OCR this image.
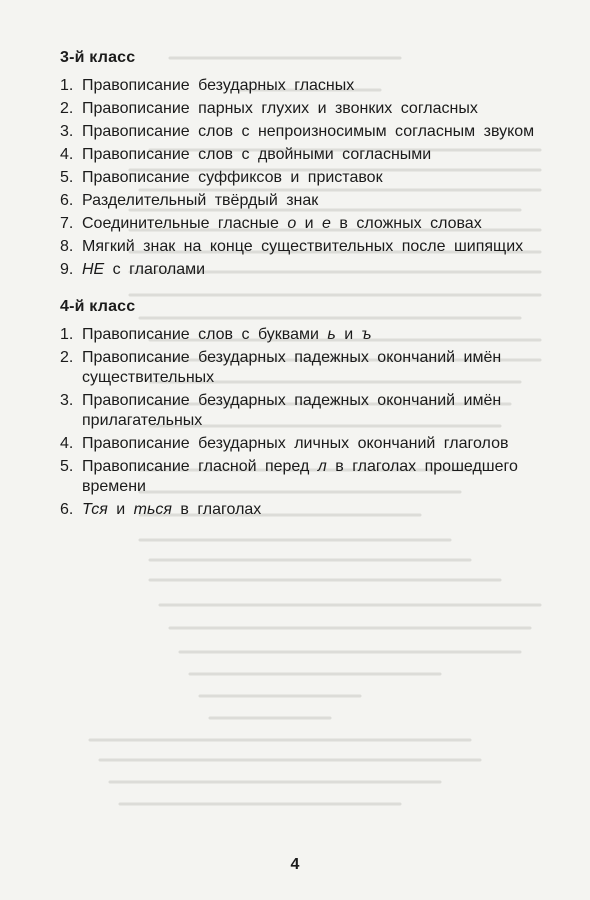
3-й класс
1. Правописание безударных гласных
2. Правописание парных глухих и звонких согласных
3. Правописание слов с непроизносимым согласным звуком
4. Правописание слов с двойными согласными
5. Правописание суффиксов и приставок
6. Разделительный твёрдый знак
7. Соединительные гласные о и е в сложных словах
8. Мягкий знак на конце существительных после шипящих
9. НЕ с глаголами
4-й класс
1. Правописание слов с буквами ь и ъ
2. Правописание безударных падежных окончаний имён существительных
3. Правописание безударных падежных окончаний имён прилагательных
4. Правописание безударных личных окончаний глаголов
5. Правописание гласной перед л в глаголах прошедшего времени
6. Тся и ться в глаголах
4
